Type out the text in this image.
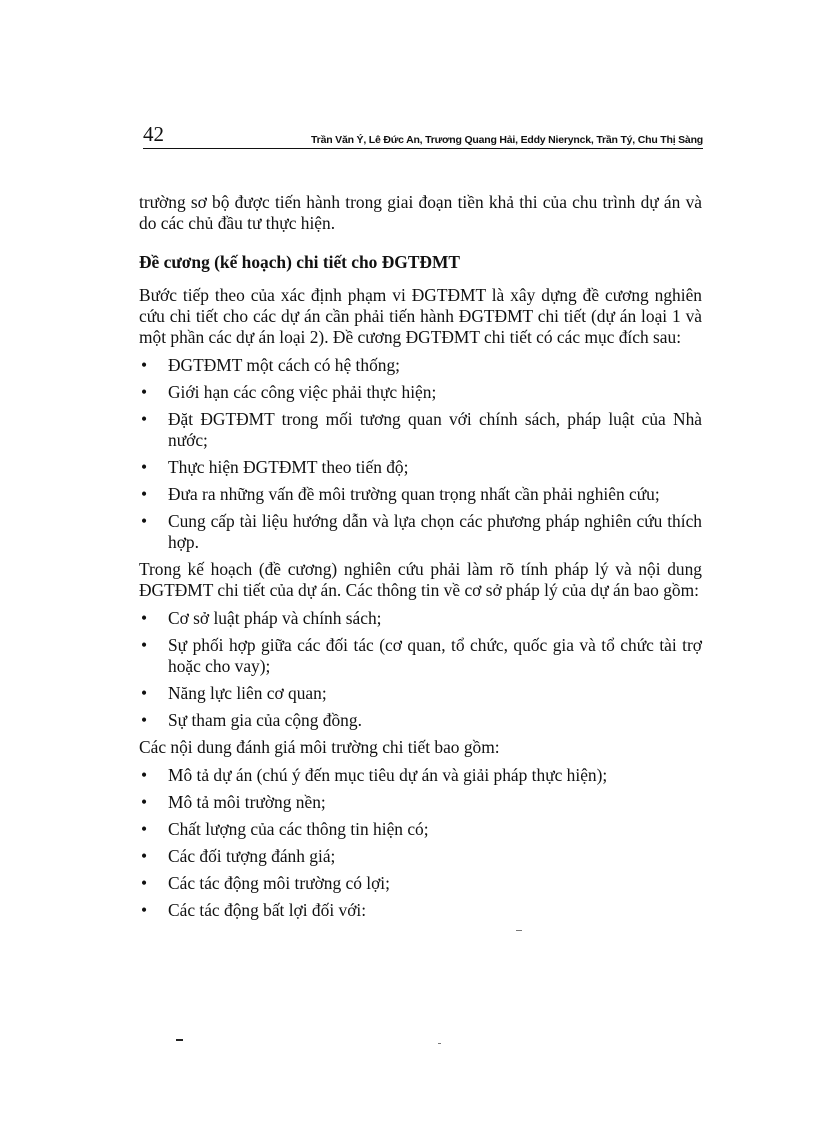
42	Trần Văn Ý, Lê Đức An, Trương Quang Hải, Eddy Nierynck, Trần Tý, Chu Thị Sàng

trường sơ bộ được tiến hành trong giai đoạn tiền khả thi của chu trình dự án và do các chủ đầu tư thực hiện.

Đề cương (kế hoạch) chi tiết cho ĐGTĐMT

Bước tiếp theo của xác định phạm vi ĐGTĐMT là xây dựng đề cương nghiên cứu chi tiết cho các dự án cần phải tiến hành ĐGTĐMT chi tiết (dự án loại 1 và một phần các dự án loại 2). Đề cương ĐGTĐMT chi tiết có các mục đích sau:

• ĐGTĐMT một cách có hệ thống;
• Giới hạn các công việc phải thực hiện;
• Đặt ĐGTĐMT trong mối tương quan với chính sách, pháp luật của Nhà nước;
• Thực hiện ĐGTĐMT theo tiến độ;
• Đưa ra những vấn đề môi trường quan trọng nhất cần phải nghiên cứu;
• Cung cấp tài liệu hướng dẫn và lựa chọn các phương pháp nghiên cứu thích hợp.

Trong kế hoạch (đề cương) nghiên cứu phải làm rõ tính pháp lý và nội dung ĐGTĐMT chi tiết của dự án. Các thông tin về cơ sở pháp lý của dự án bao gồm:

• Cơ sở luật pháp và chính sách;
• Sự phối hợp giữa các đối tác (cơ quan, tổ chức, quốc gia và tổ chức tài trợ hoặc cho vay);
• Năng lực liên cơ quan;
• Sự tham gia của cộng đồng.

Các nội dung đánh giá môi trường chi tiết bao gồm:

• Mô tả dự án (chú ý đến mục tiêu dự án và giải pháp thực hiện);
• Mô tả môi trường nền;
• Chất lượng của các thông tin hiện có;
• Các đối tượng đánh giá;
• Các tác động môi trường có lợi;
• Các tác động bất lợi đối với:
